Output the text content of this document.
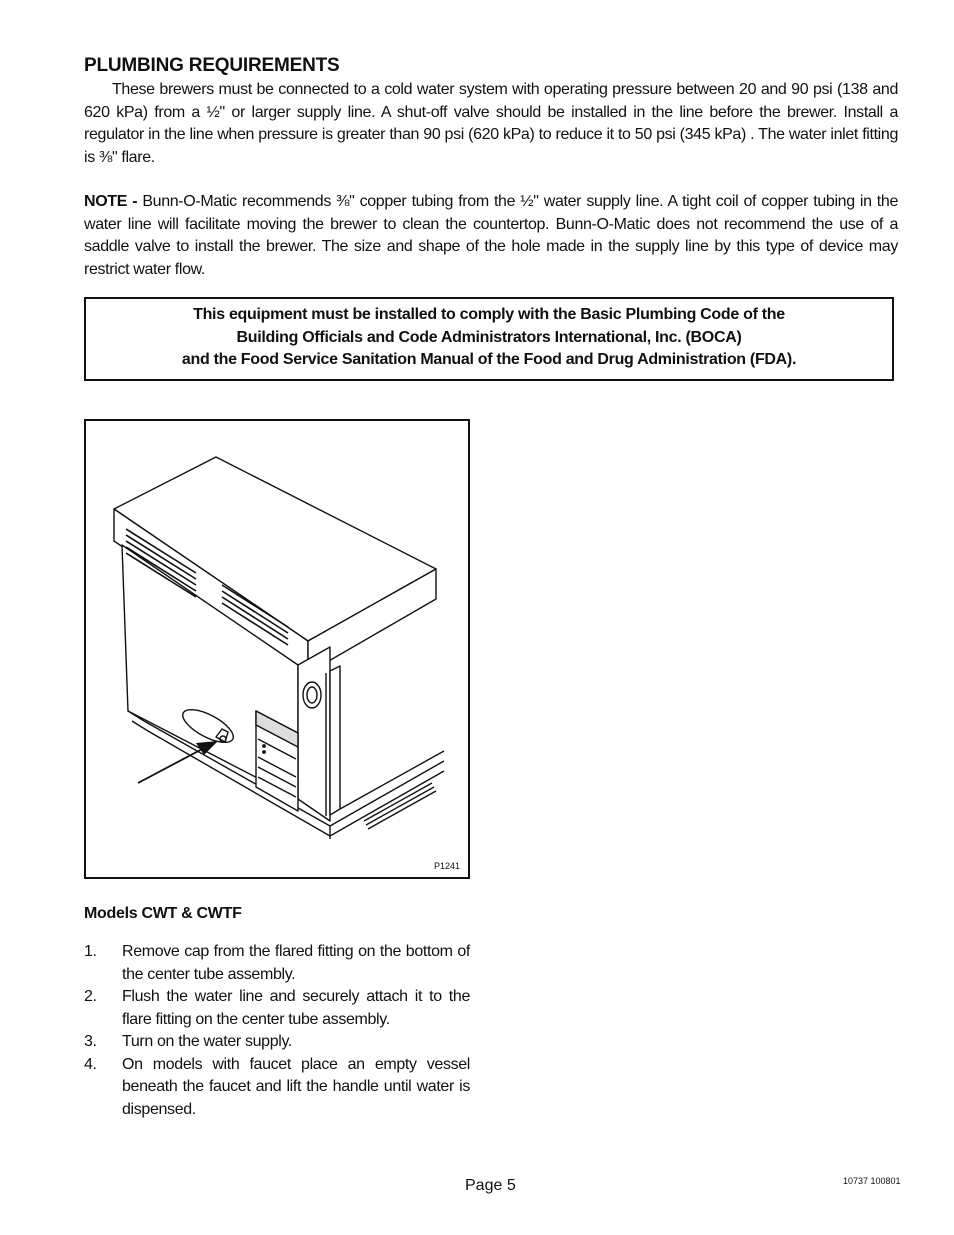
PLUMBING REQUIREMENTS

These brewers must be connected to a cold water system with operating pressure between 20 and 90 psi (138 and 620 kPa) from a ½" or larger supply line. A shut-off valve should be installed in the line before the brewer. Install a regulator in the line when pressure is greater than 90 psi (620 kPa) to reduce it to 50 psi (345 kPa) . The water inlet fitting is ⅜" flare.

NOTE - Bunn-O-Matic recommends ⅜" copper tubing from the ½" water supply line. A tight coil of copper tubing in the water line will facilitate moving the brewer to clean the countertop. Bunn-O-Matic does not recommend the use of a saddle valve to install the brewer. The size and shape of the hole made in the supply line by this type of device may restrict water flow.

This equipment must be installed to comply with the Basic Plumbing Code of the
Building Officials and Code Administrators International, Inc. (BOCA)
and the Food Service Sanitation Manual of the Food and Drug Administration (FDA).
P1241
Models CWT & CWTF
1. Remove cap from the flared fitting on the bottom of the center tube assembly.
2. Flush the water line and securely attach it to the flare fitting on the center tube assembly.
3. Turn on the water supply.
4. On models with faucet place an empty vessel beneath the faucet and lift the handle until water is dispensed.
Page 5	10737 100801
